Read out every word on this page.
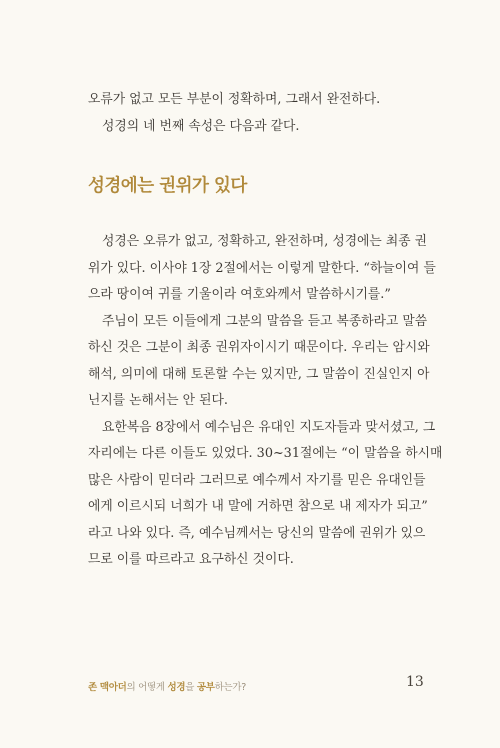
오류가 없고 모든 부분이 정확하며, 그래서 완전하다.
성경의 네 번째 속성은 다음과 같다.

성경에는 권위가 있다

성경은 오류가 없고, 정확하고, 완전하며, 성경에는 최종 권
위가 있다. 이사야 1장 2절에서는 이렇게 말한다. “하늘이여 들
으라 땅이여 귀를 기울이라 여호와께서 말씀하시기를.”

주님이 모든 이들에게 그분의 말씀을 듣고 복종하라고 말씀
하신 것은 그분이 최종 권위자이시기 때문이다. 우리는 암시와
해석, 의미에 대해 토론할 수는 있지만, 그 말씀이 진실인지 아
닌지를 논해서는 안 된다.

요한복음 8장에서 예수님은 유대인 지도자들과 맞서셨고, 그
자리에는 다른 이들도 있었다. 30~31절에는 “이 말씀을 하시매
많은 사람이 믿더라 그러므로 예수께서 자기를 믿은 유대인들
에게 이르시되 너희가 내 말에 거하면 참으로 내 제자가 되고”
라고 나와 있다. 즉, 예수님께서는 당신의 말씀에 권위가 있으
므로 이를 따르라고 요구하신 것이다.

존 맥아더의 어떻게 성경을 공부하는가?	13
